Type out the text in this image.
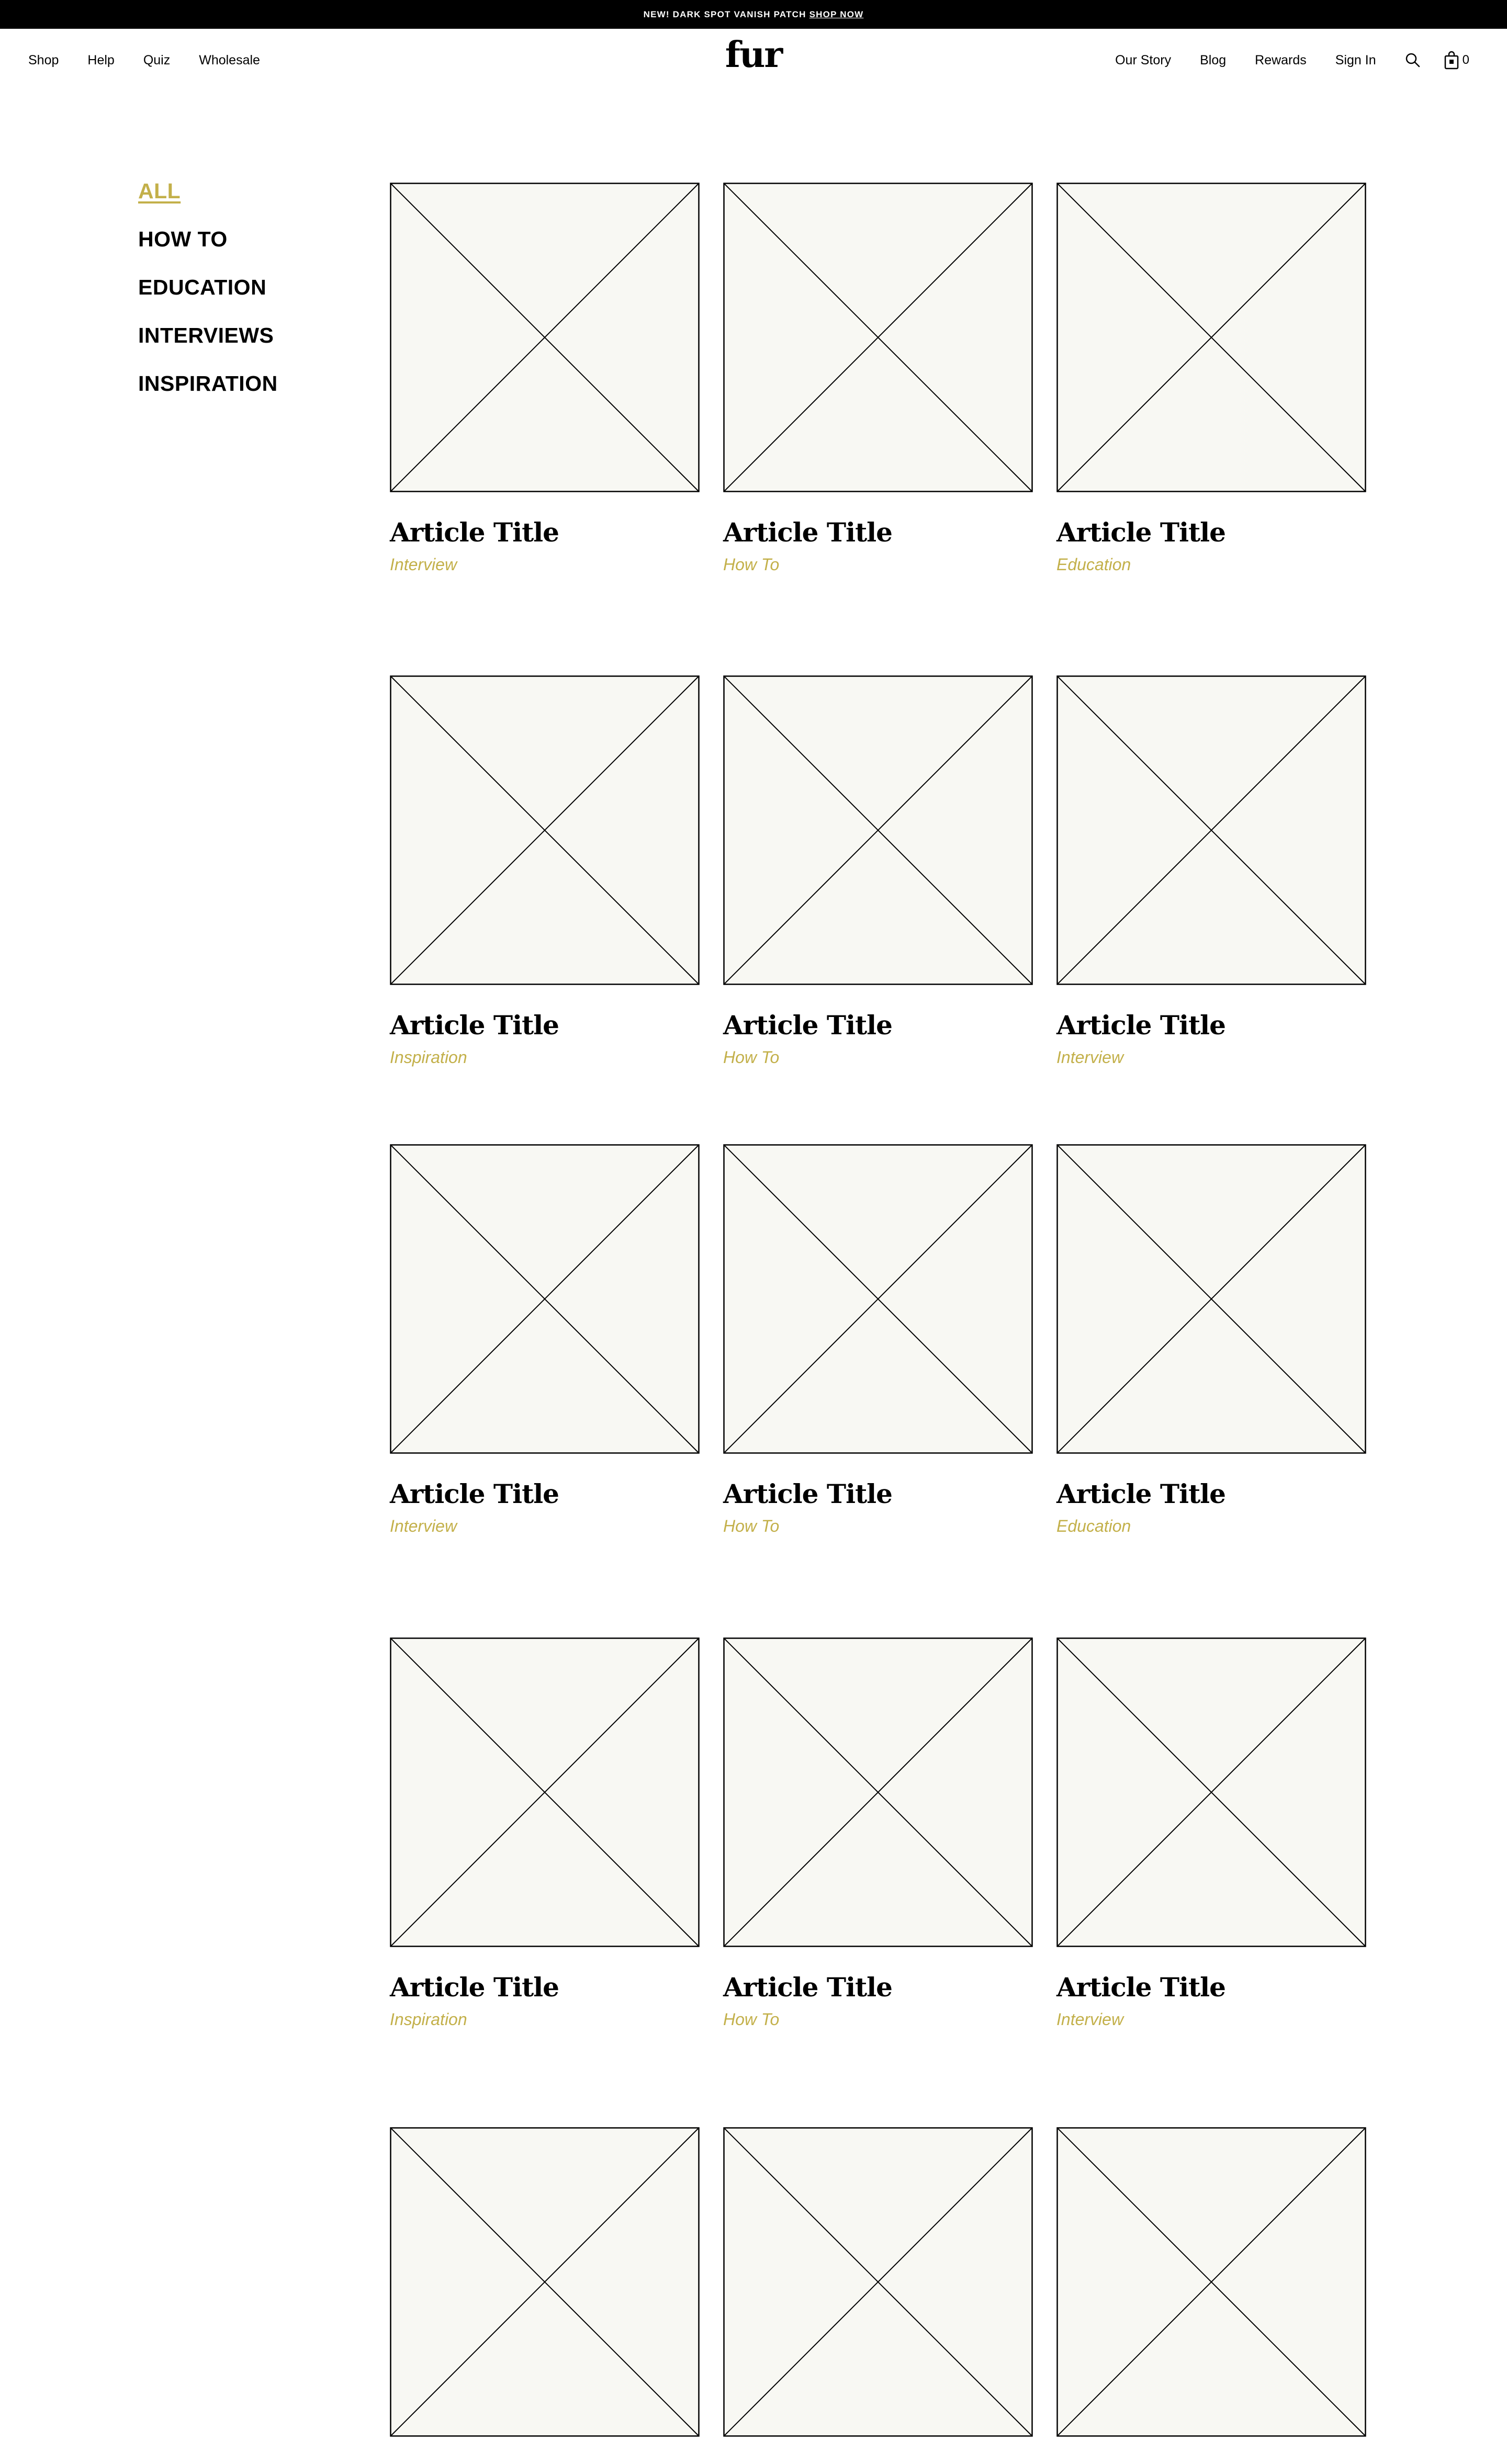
NEW! DARK SPOT VANISH PATCH SHOP NOW
Shop Help Quiz Wholesale	fur	Our Story Blog Rewards Sign In	0
ALL
HOW TO
EDUCATION
INTERVIEWS
INSPIRATION
Article Title
Interview
Article Title
How To
Article Title
Education
Article Title
Inspiration
Article Title
How To
Article Title
Interview
Article Title
Interview
Article Title
How To
Article Title
Education
Article Title
Inspiration
Article Title
How To
Article Title
Interview
